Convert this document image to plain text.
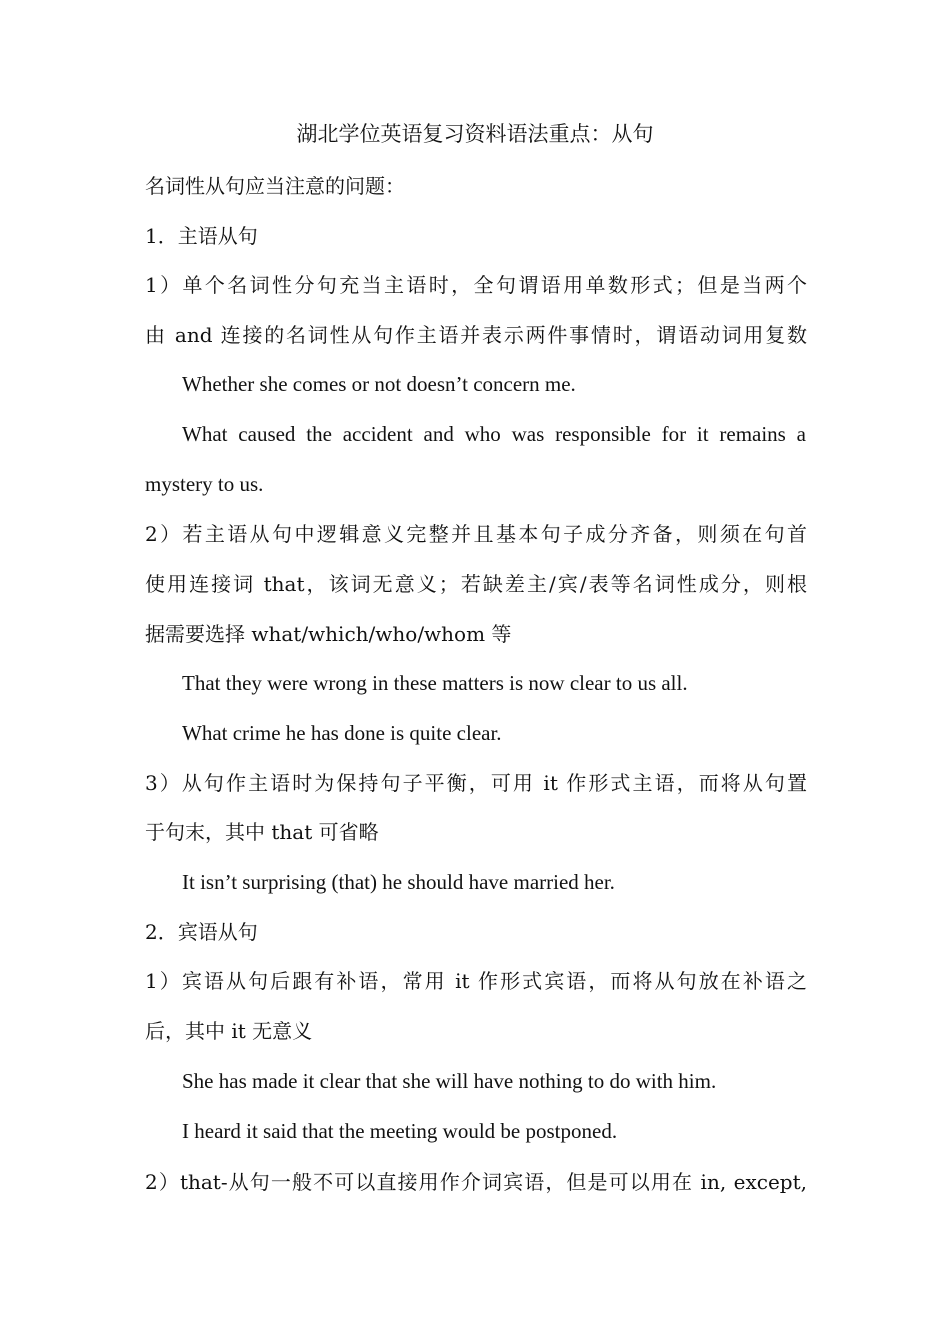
湖北学位英语复习资料语法重点：从句
名词性从句应当注意的问题：
1．主语从句
1）单个名词性分句充当主语时，全句谓语用单数形式；但是当两个
由 and 连接的名词性从句作主语并表示两件事情时，谓语动词用复数
Whether she comes or not doesn’t concern me.
What caused the accident and who was responsible for it remains a
mystery to us.
2）若主语从句中逻辑意义完整并且基本句子成分齐备，则须在句首
使用连接词 that，该词无意义；若缺差主/宾/表等名词性成分，则根
据需要选择 what/which/who/whom 等
That they were wrong in these matters is now clear to us all.
What crime he has done is quite clear.
3）从句作主语时为保持句子平衡，可用 it 作形式主语，而将从句置
于句末，其中 that 可省略
It isn’t surprising (that) he should have married her.
2．宾语从句
1）宾语从句后跟有补语，常用 it 作形式宾语，而将从句放在补语之
后，其中 it 无意义
She has made it clear that she will have nothing to do with him.
I heard it said that the meeting would be postponed.
2）that-从句一般不可以直接用作介词宾语，但是可以用在 in, except,
